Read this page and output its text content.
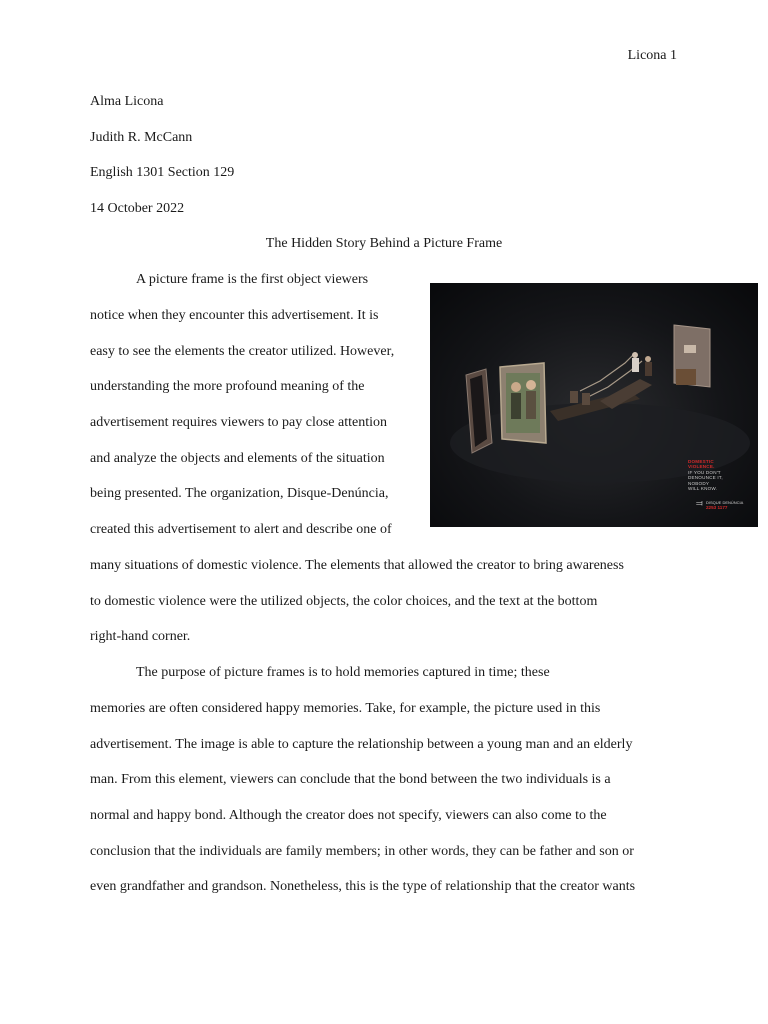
Licona 1
Alma Licona
Judith R. McCann
English 1301 Section 129
14 October 2022
The Hidden Story Behind a Picture Frame
A picture frame is the first object viewers
notice when they encounter this advertisement. It is
easy to see the elements the creator utilized. However,
understanding the more profound meaning of the
advertisement requires viewers to pay close attention
and analyze the objects and elements of the situation
being presented. The organization, Disque-Denúncia,
created this advertisement to alert and describe one of
many situations of domestic violence. The elements that allowed the creator to bring awareness
to domestic violence were the utilized objects, the color choices, and the text at the bottom
right-hand corner.
The purpose of picture frames is to hold memories captured in time; these
memories are often considered happy memories. Take, for example, the picture used in this
advertisement. The image is able to capture the relationship between a young man and an elderly
man. From this element, viewers can conclude that the bond between the two individuals is a
normal and happy bond. Although the creator does not specify, viewers can also come to the
conclusion that the individuals are family members; in other words, they can be father and son or
even grandfather and grandson. Nonetheless, this is the type of relationship that the creator wants
DOMESTIC
VIOLENCE.
IF YOU DON'T
DENOUNCE IT,
NOBODY
WILL KNOW.
⫤ DISQUE DENÚNCIA
2253 1177
